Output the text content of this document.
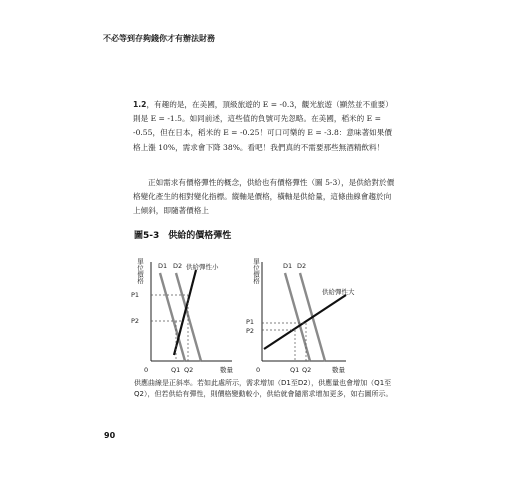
不必等到存夠錢你才有辦法財務
1.2，有趣的是，在美國，頂級旅遊的 E = -0.3，觀光旅遊（顯然並不重要）則是 E = -1.5。如同前述，這些值的負號可先忽略。在美國，稻米的 E = -0.55，但在日本，稻米的 E = -0.25！可口可樂的 E = -3.8：意味著如果價格上漲 10%，需求會下降 38%。看吧！我們真的不需要那些無酒精飲料！
正如需求有價格彈性的概念，供給也有價格彈性（圖 5-3），是供給對於價格變化產生的相對變化指標。縱軸是價格，橫軸是供給量，這條曲線會趨於向上傾斜，即隨著價格上
圖5-3　供給的價格彈性
單位價格
0	數量
P1
P2
Q1 Q2
D1 D2 供給彈性小	單位價格
0	數量
P1
P2
Q1 Q2
D1 D2
供給彈性大
供應曲線是正斜率。若如此處所示，需求增加（D1至D2），供應量也會增加（Q1至Q2），但若供給有彈性，則價格變動較小，供給就會隨需求增加更多，如右圖所示。
90
